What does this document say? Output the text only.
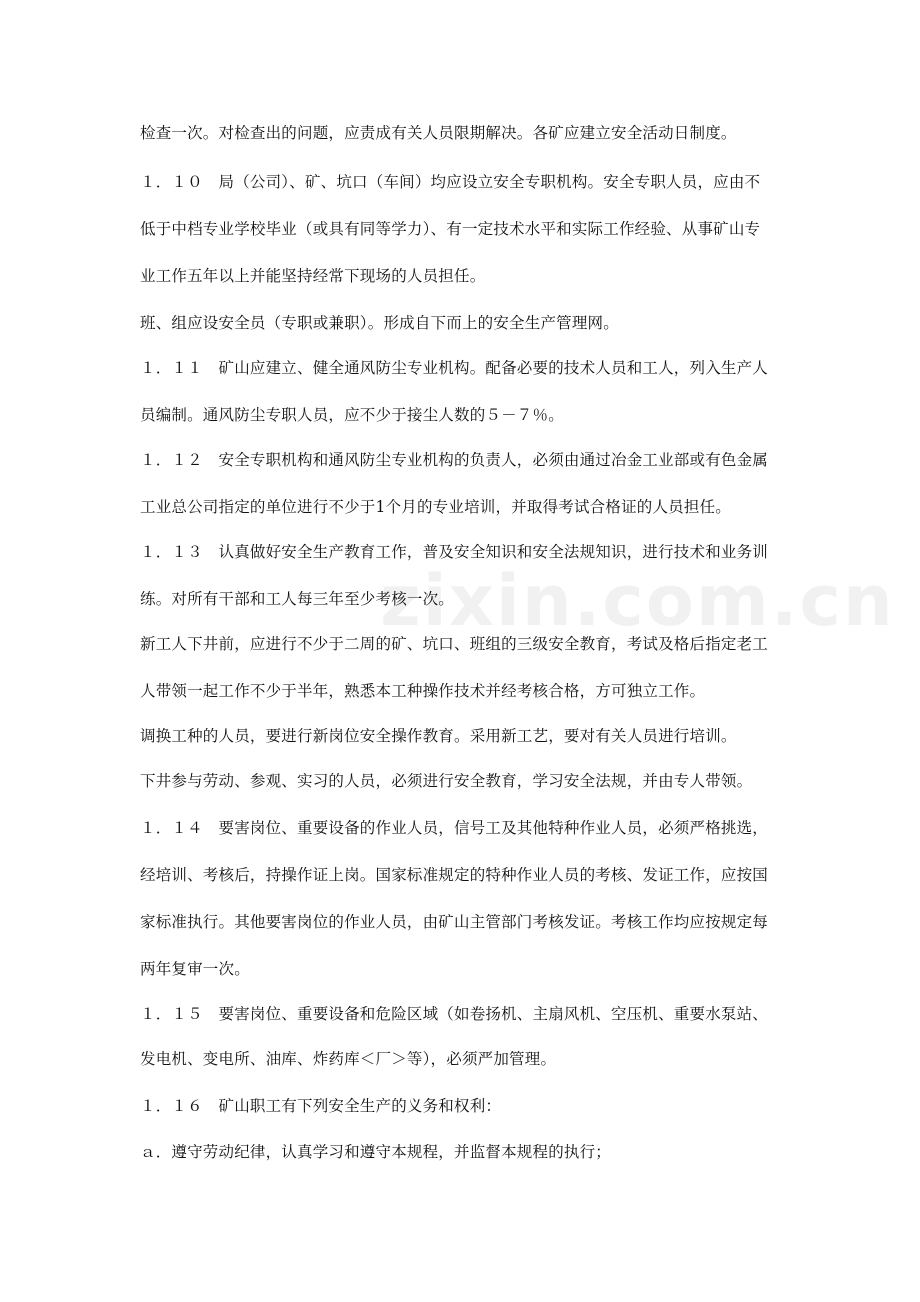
zixin.com.cn
检查一次。对检查出的问题，应责成有关人员限期解决。各矿应建立安全活动日制度。
１．１０　局（公司）、矿、坑口（车间）均应设立安全专职机构。安全专职人员，应由不
低于中档专业学校毕业（或具有同等学力）、有一定技术水平和实际工作经验、从事矿山专
业工作五年以上并能坚持经常下现场的人员担任。
班、组应设安全员（专职或兼职）。形成自下而上的安全生产管理网。
１．１１　矿山应建立、健全通风防尘专业机构。配备必要的技术人员和工人，列入生产人
员编制。通风防尘专职人员，应不少于接尘人数的５－７％。
１．１２　安全专职机构和通风防尘专业机构的负责人，必须由通过冶金工业部或有色金属
工业总公司指定的单位进行不少于1个月的专业培训，并取得考试合格证的人员担任。
１．１３　认真做好安全生产教育工作，普及安全知识和安全法规知识，进行技术和业务训
练。对所有干部和工人每三年至少考核一次。
新工人下井前，应进行不少于二周的矿、坑口、班组的三级安全教育，考试及格后指定老工
人带领一起工作不少于半年，熟悉本工种操作技术并经考核合格，方可独立工作。
调换工种的人员，要进行新岗位安全操作教育。采用新工艺，要对有关人员进行培训。
下井参与劳动、参观、实习的人员，必须进行安全教育，学习安全法规，并由专人带领。
１．１４　要害岗位、重要设备的作业人员，信号工及其他特种作业人员，必须严格挑选，
经培训、考核后，持操作证上岗。国家标准规定的特种作业人员的考核、发证工作，应按国
家标准执行。其他要害岗位的作业人员，由矿山主管部门考核发证。考核工作均应按规定每
两年复审一次。
１．１５　要害岗位、重要设备和危险区域（如卷扬机、主扇风机、空压机、重要水泵站、
发电机、变电所、油库、炸药库＜厂＞等），必须严加管理。
１．１６　矿山职工有下列安全生产的义务和权利：
ａ．遵守劳动纪律，认真学习和遵守本规程，并监督本规程的执行；
